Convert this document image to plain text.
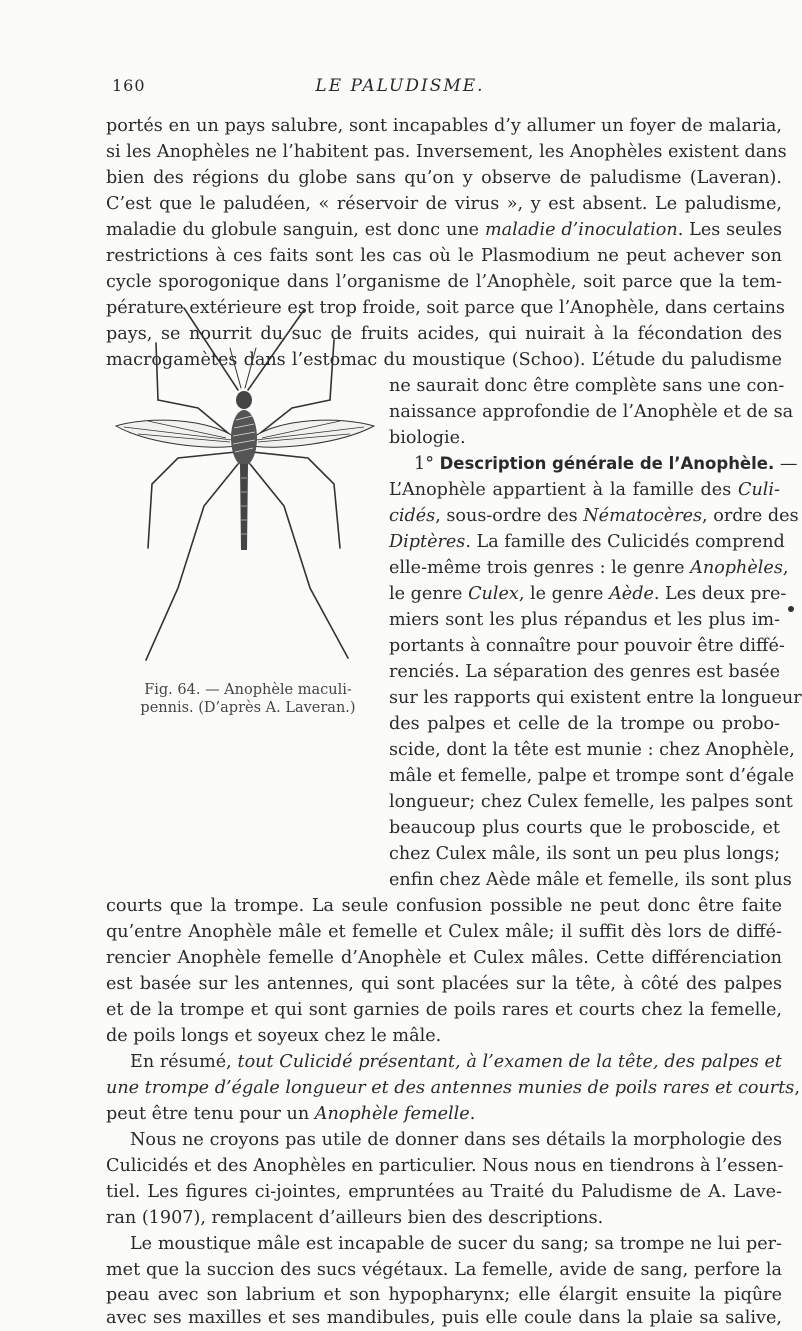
160	LE PALUDISME.
portés en un pays salubre, sont incapables d’y allumer un foyer de malaria,
si les Anophèles ne l’habitent pas. Inversement, les Anophèles existent dans
bien des régions du globe sans qu’on y observe de paludisme (Laveran).
C’est que le paludéen, « réservoir de virus », y est absent. Le paludisme,
maladie du globule sanguin, est donc une maladie d’inoculation. Les seules
restrictions à ces faits sont les cas où le Plasmodium ne peut achever son
cycle sporogonique dans l’organisme de l’Anophèle, soit parce que la tem-
pérature extérieure est trop froide, soit parce que l’Anophèle, dans certains
pays, se nourrit du suc de fruits acides, qui nuirait à la fécondation des
macrogamètes dans l’estomac du moustique (Schoo). L’étude du paludisme
ne saurait donc être complète sans une con-
naissance approfondie de l’Anophèle et de sa
biologie.
1° Description générale de l’Anophèle. —
L’Anophèle appartient à la famille des Culi-
cidés, sous-ordre des Nématocères, ordre des
Diptères. La famille des Culicidés comprend
elle-même trois genres : le genre Anophèles,
le genre Culex, le genre Aède. Les deux pre-
miers sont les plus répandus et les plus im-
portants à connaître pour pouvoir être diffé-
renciés. La séparation des genres est basée
sur les rapports qui existent entre la longueur
des palpes et celle de la trompe ou probo-
scide, dont la tête est munie : chez Anophèle,
mâle et femelle, palpe et trompe sont d’égale
longueur; chez Culex femelle, les palpes sont
beaucoup plus courts que le proboscide, et
chez Culex mâle, ils sont un peu plus longs;
enfin chez Aède mâle et femelle, ils sont plus
Fig. 64. — Anophèle maculi-
pennis. (D’après A. Laveran.)
courts que la trompe. La seule confusion possible ne peut donc être faite
qu’entre Anophèle mâle et femelle et Culex mâle; il suffit dès lors de diffé-
rencier Anophèle femelle d’Anophèle et Culex mâles. Cette différenciation
est basée sur les antennes, qui sont placées sur la tête, à côté des palpes
et de la trompe et qui sont garnies de poils rares et courts chez la femelle,
de poils longs et soyeux chez le mâle.
En résumé, tout Culicidé présentant, à l’examen de la tête, des palpes et
une trompe d’égale longueur et des antennes munies de poils rares et courts,
peut être tenu pour un Anophèle femelle.
Nous ne croyons pas utile de donner dans ses détails la morphologie des
Culicidés et des Anophèles en particulier. Nous nous en tiendrons à l’essen-
tiel. Les figures ci-jointes, empruntées au Traité du Paludisme de A. Lave-
ran (1907), remplacent d’ailleurs bien des descriptions.
Le moustique mâle est incapable de sucer du sang; sa trompe ne lui per-
met que la succion des sucs végétaux. La femelle, avide de sang, perfore la
peau avec son labrium et son hypopharynx; elle élargit ensuite la piqûre
avec ses maxilles et ses mandibules, puis elle coule dans la plaie sa salive,
